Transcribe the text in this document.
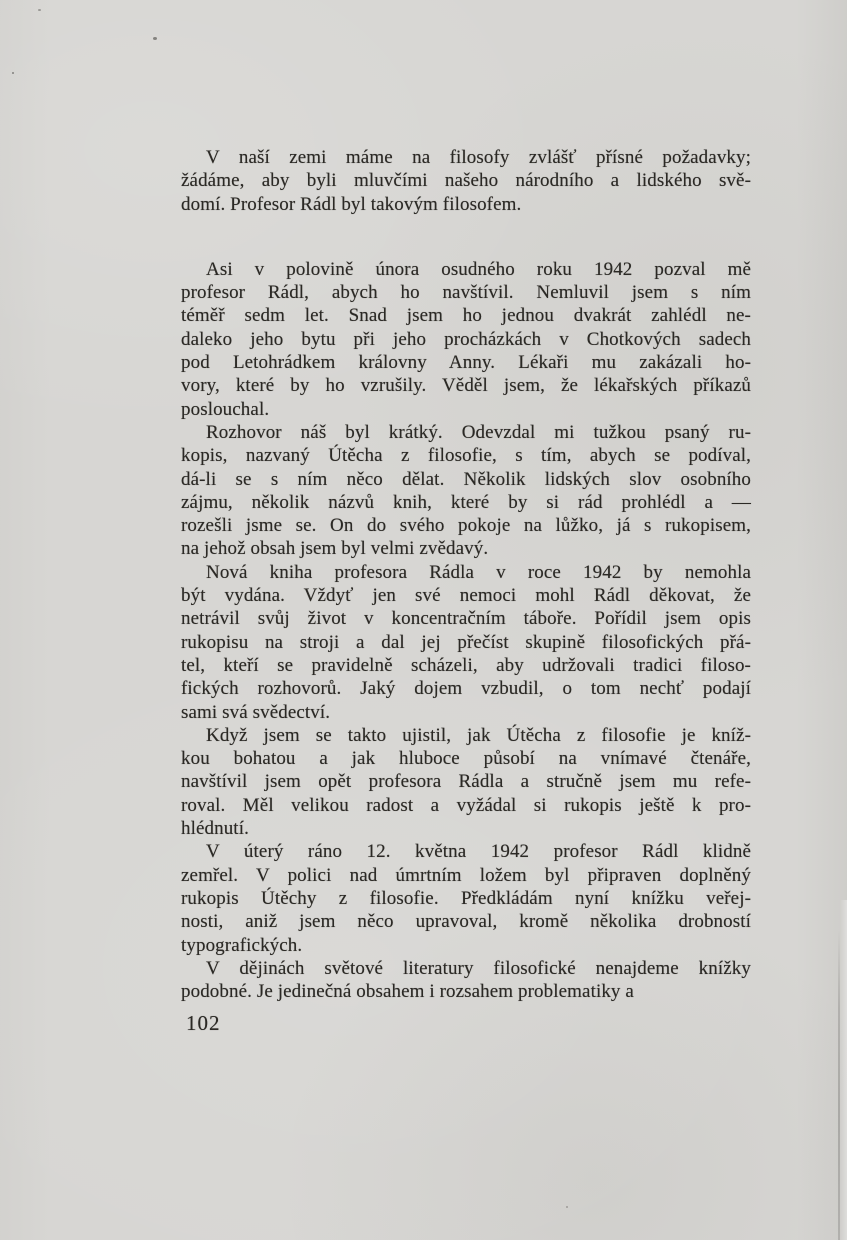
V naší zemi máme na filosofy zvlášť přísné požadavky;
žádáme, aby byli mluvčími našeho národního a lidského svě-
domí. Profesor Rádl byl takovým filosofem.
Asi v polovině února osudného roku 1942 pozval mě
profesor Rádl, abych ho navštívil. Nemluvil jsem s ním
téměř sedm let. Snad jsem ho jednou dvakrát zahlédl ne-
daleko jeho bytu při jeho procházkách v Chotkových sadech
pod Letohrádkem královny Anny. Lékaři mu zakázali ho-
vory, které by ho vzrušily. Věděl jsem, že lékařských příkazů
poslouchal.
Rozhovor náš byl krátký. Odevzdal mi tužkou psaný ru-
kopis, nazvaný Útěcha z filosofie, s tím, abych se podíval,
dá-li se s ním něco dělat. Několik lidských slov osobního
zájmu, několik názvů knih, které by si rád prohlédl a —
rozešli jsme se. On do svého pokoje na lůžko, já s rukopisem,
na jehož obsah jsem byl velmi zvědavý.
Nová kniha profesora Rádla v roce 1942 by nemohla
být vydána. Vždyť jen své nemoci mohl Rádl děkovat, že
netrávil svůj život v koncentračním táboře. Pořídil jsem opis
rukopisu na stroji a dal jej přečíst skupině filosofických přá-
tel, kteří se pravidelně scházeli, aby udržovali tradici filoso-
fických rozhovorů. Jaký dojem vzbudil, o tom nechť podají
sami svá svědectví.
Když jsem se takto ujistil, jak Útěcha z filosofie je kníž-
kou bohatou a jak hluboce působí na vnímavé čtenáře,
navštívil jsem opět profesora Rádla a stručně jsem mu refe-
roval. Měl velikou radost a vyžádal si rukopis ještě k pro-
hlédnutí.
V úterý ráno 12. května 1942 profesor Rádl klidně
zemřel. V polici nad úmrtním ložem byl připraven doplněný
rukopis Útěchy z filosofie. Předkládám nyní knížku veřej-
nosti, aniž jsem něco upravoval, kromě několika drobností
typografických.
V dějinách světové literatury filosofické nenajdeme knížky
podobné. Je jedinečná obsahem i rozsahem problematiky a
102
